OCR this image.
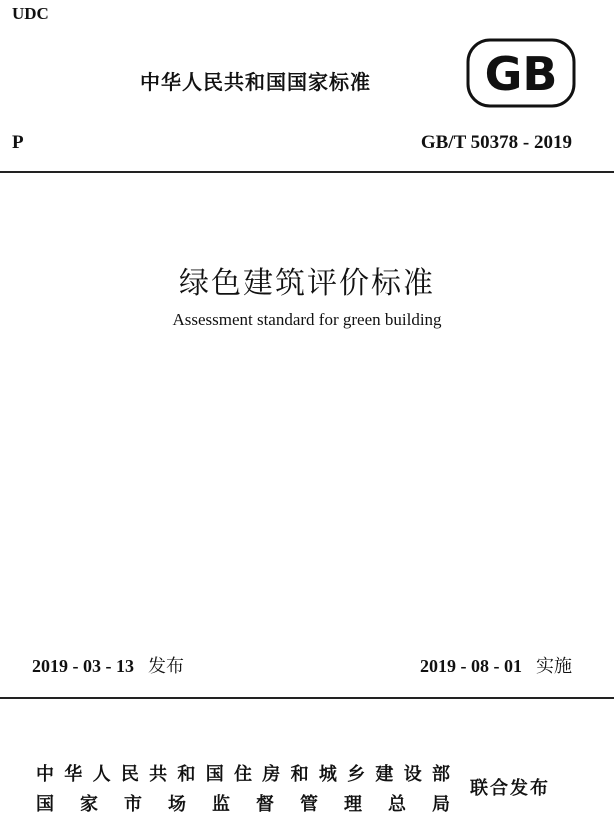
UDC
中华人民共和国国家标准 GB
P	GB/T 50378 - 2019
绿色建筑评价标准
Assessment standard for green building
2019 - 03 - 13 发布	2019 - 08 - 01 实施
中华人民共和国住房和城乡建设部
国家市场监督管理总局
联合发布
